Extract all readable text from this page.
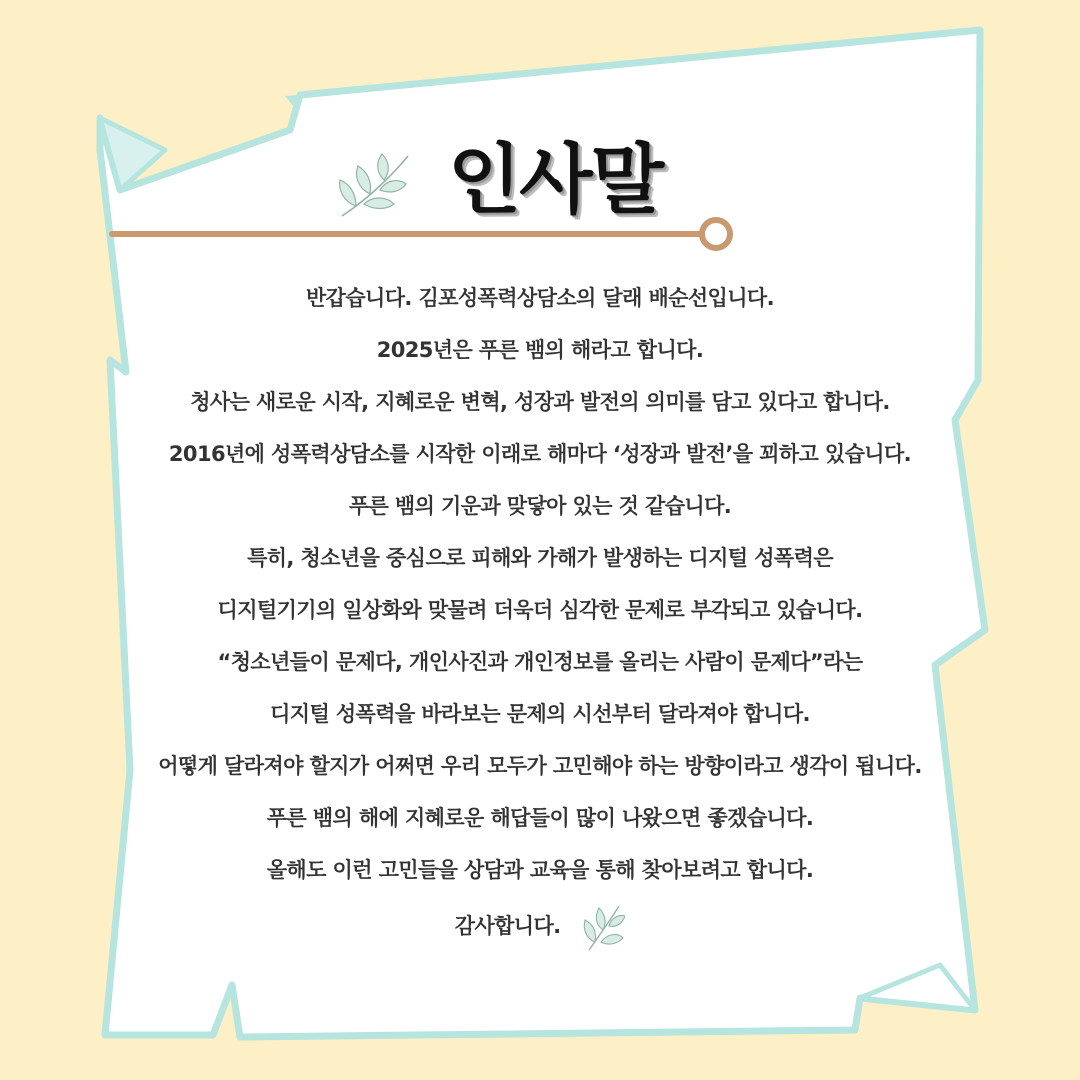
인사말
반갑습니다. 김포성폭력상담소의 달래 배순선입니다.
2025년은 푸른 뱀의 해라고 합니다.
청사는 새로운 시작, 지혜로운 변혁, 성장과 발전의 의미를 담고 있다고 합니다.
2016년에 성폭력상담소를 시작한 이래로 해마다 ‘성장과 발전’을 꾀하고 있습니다.
푸른 뱀의 기운과 맞닿아 있는 것 같습니다.
특히, 청소년을 중심으로 피해와 가해가 발생하는 디지털 성폭력은
디지털기기의 일상화와 맞물려 더욱더 심각한 문제로 부각되고 있습니다.
“청소년들이 문제다, 개인사진과 개인정보를 올리는 사람이 문제다”라는
디지털 성폭력을 바라보는 문제의 시선부터 달라져야 합니다.
어떻게 달라져야 할지가 어쩌면 우리 모두가 고민해야 하는 방향이라고 생각이 됩니다.
푸른 뱀의 해에 지혜로운 해답들이 많이 나왔으면 좋겠습니다.
올해도 이런 고민들을 상담과 교육을 통해 찾아보려고 합니다.
감사합니다.
